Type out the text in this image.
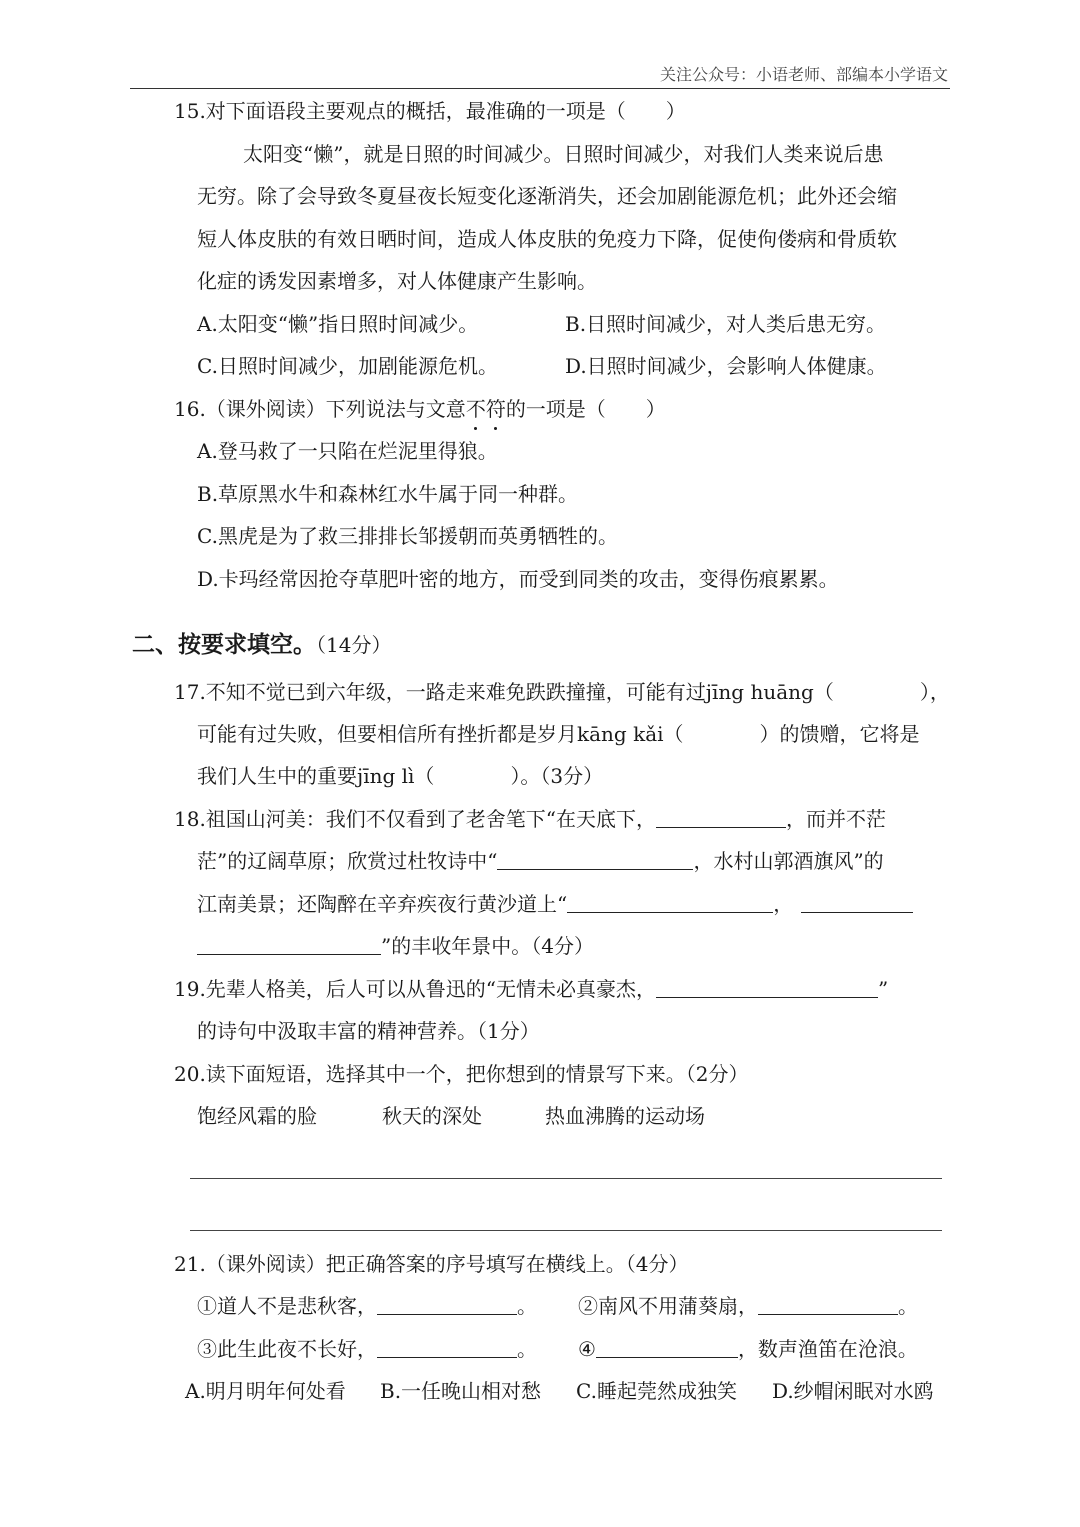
关注公众号：小语老师、部编本小学语文
15.对下面语段主要观点的概括，最准确的一项是（　　）
太阳变“懒”，就是日照的时间减少。日照时间减少，对我们人类来说后患
无穷。除了会导致冬夏昼夜长短变化逐渐消失，还会加剧能源危机；此外还会缩
短人体皮肤的有效日晒时间，造成人体皮肤的免疫力下降，促使佝偻病和骨质软
化症的诱发因素增多，对人体健康产生影响。
A.太阳变“懒”指日照时间减少。	B.日照时间减少，对人类后患无穷。
C.日照时间减少，加剧能源危机。	D.日照时间减少，会影响人体健康。
16.（课外阅读）下列说法与文意不符的一项是（　　）
A.登马救了一只陷在烂泥里得狼。
B.草原黑水牛和森林红水牛属于同一种群。
C.黑虎是为了救三排排长邹援朝而英勇牺牲的。
D.卡玛经常因抢夺草肥叶密的地方，而受到同类的攻击，变得伤痕累累。
二、按要求填空。（14分）
17.不知不觉已到六年级，一路走来难免跌跌撞撞，可能有过jīng huāng（	），
可能有过失败，但要相信所有挫折都是岁月kāng kǎi（	）的馈赠，它将是
我们人生中的重要jīng lì（	）。（3分）
18.祖国山河美：我们不仅看到了老舍笔下“在天底下，	，而并不茫
茫”的辽阔草原；欣赏过杜牧诗中“	，水村山郭酒旗风”的
江南美景；还陶醉在辛弃疾夜行黄沙道上“	，
”的丰收年景中。（4分）
19.先辈人格美，后人可以从鲁迅的“无情未必真豪杰，	”
的诗句中汲取丰富的精神营养。（1分）
20.读下面短语，选择其中一个，把你想到的情景写下来。（2分）
饱经风霜的脸	秋天的深处	热血沸腾的运动场
21.（课外阅读）把正确答案的序号填写在横线上。（4分）
①道人不是悲秋客，	。 ②南风不用蒲葵扇，	。
③此生此夜不长好，	。 ④	，数声渔笛在沧浪。
A.明月明年何处看 B.一任晚山相对愁 C.睡起莞然成独笑 D.纱帽闲眠对水鸥
